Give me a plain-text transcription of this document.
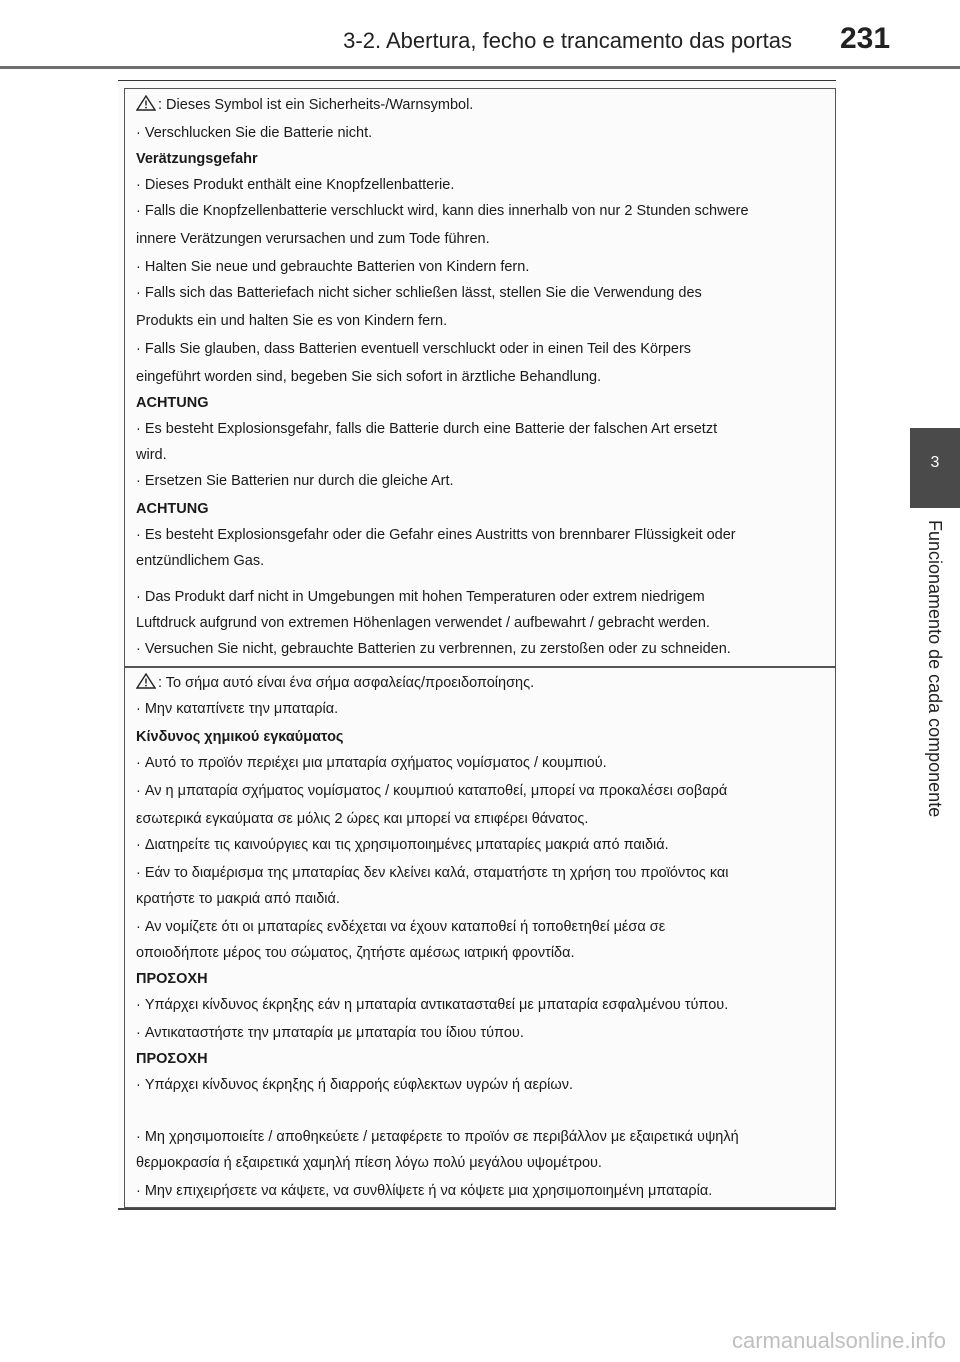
3-2. Abertura, fecho e trancamento das portas 231
3
Funcionamento de cada componente
: Dieses Symbol ist ein Sicherheits-/Warnsymbol.
· Verschlucken Sie die Batterie nicht.
Verätzungsgefahr
· Dieses Produkt enthält eine Knopfzellenbatterie.
· Falls die Knopfzellenbatterie verschluckt wird, kann dies innerhalb von nur 2 Stunden schwere
innere Verätzungen verursachen und zum Tode führen.
· Halten Sie neue und gebrauchte Batterien von Kindern fern.
· Falls sich das Batteriefach nicht sicher schließen lässt, stellen Sie die Verwendung des
Produkts ein und halten Sie es von Kindern fern.
· Falls Sie glauben, dass Batterien eventuell verschluckt oder in einen Teil des Körpers
eingeführt worden sind, begeben Sie sich sofort in ärztliche Behandlung.
ACHTUNG
· Es besteht Explosionsgefahr, falls die Batterie durch eine Batterie der falschen Art ersetzt
wird.
· Ersetzen Sie Batterien nur durch die gleiche Art.
ACHTUNG
· Es besteht Explosionsgefahr oder die Gefahr eines Austritts von brennbarer Flüssigkeit oder
entzündlichem Gas.
· Das Produkt darf nicht in Umgebungen mit hohen Temperaturen oder extrem niedrigem
Luftdruck aufgrund von extremen Höhenlagen verwendet / aufbewahrt / gebracht werden.
· Versuchen Sie nicht, gebrauchte Batterien zu verbrennen, zu zerstoßen oder zu schneiden.
: Το σήμα αυτό είναι ένα σήμα ασφαλείας/προειδοποίησης.
· Μην καταπίνετε την μπαταρία.
Κίνδυνος χημικού εγκαύματος
· Αυτό το προϊόν περιέχει μια μπαταρία σχήματος νομίσματος / κουμπιού.
· Αν η μπαταρία σχήματος νομίσματος / κουμπιού καταποθεί, μπορεί να προκαλέσει σοβαρά
εσωτερικά εγκαύματα σε μόλις 2 ώρες και μπορεί να επιφέρει θάνατος.
· Διατηρείτε τις καινούργιες και τις χρησιμοποιημένες μπαταρίες μακριά από παιδιά.
· Εάν το διαμέρισμα της μπαταρίας δεν κλείνει καλά, σταματήστε τη χρήση του προϊόντος και
κρατήστε το μακριά από παιδιά.
· Αν νομίζετε ότι οι μπαταρίες ενδέχεται να έχουν καταποθεί ή τοποθετηθεί μέσα σε
οποιοδήποτε μέρος του σώματος, ζητήστε αμέσως ιατρική φροντίδα.
ΠΡΟΣΟΧΗ
· Υπάρχει κίνδυνος έκρηξης εάν η μπαταρία αντικατασταθεί με μπαταρία εσφαλμένου τύπου.
· Αντικαταστήστε την μπαταρία με μπαταρία του ίδιου τύπου.
ΠΡΟΣΟΧΗ
· Υπάρχει κίνδυνος έκρηξης ή διαρροής εύφλεκτων υγρών ή αερίων.
· Μη χρησιμοποιείτε / αποθηκεύετε / μεταφέρετε το προϊόν σε περιβάλλον με εξαιρετικά υψηλή
θερμοκρασία ή εξαιρετικά χαμηλή πίεση λόγω πολύ μεγάλου υψομέτρου.
· Μην επιχειρήσετε να κάψετε, να συνθλίψετε ή να κόψετε μια χρησιμοποιημένη μπαταρία.
carmanualsonline.info
